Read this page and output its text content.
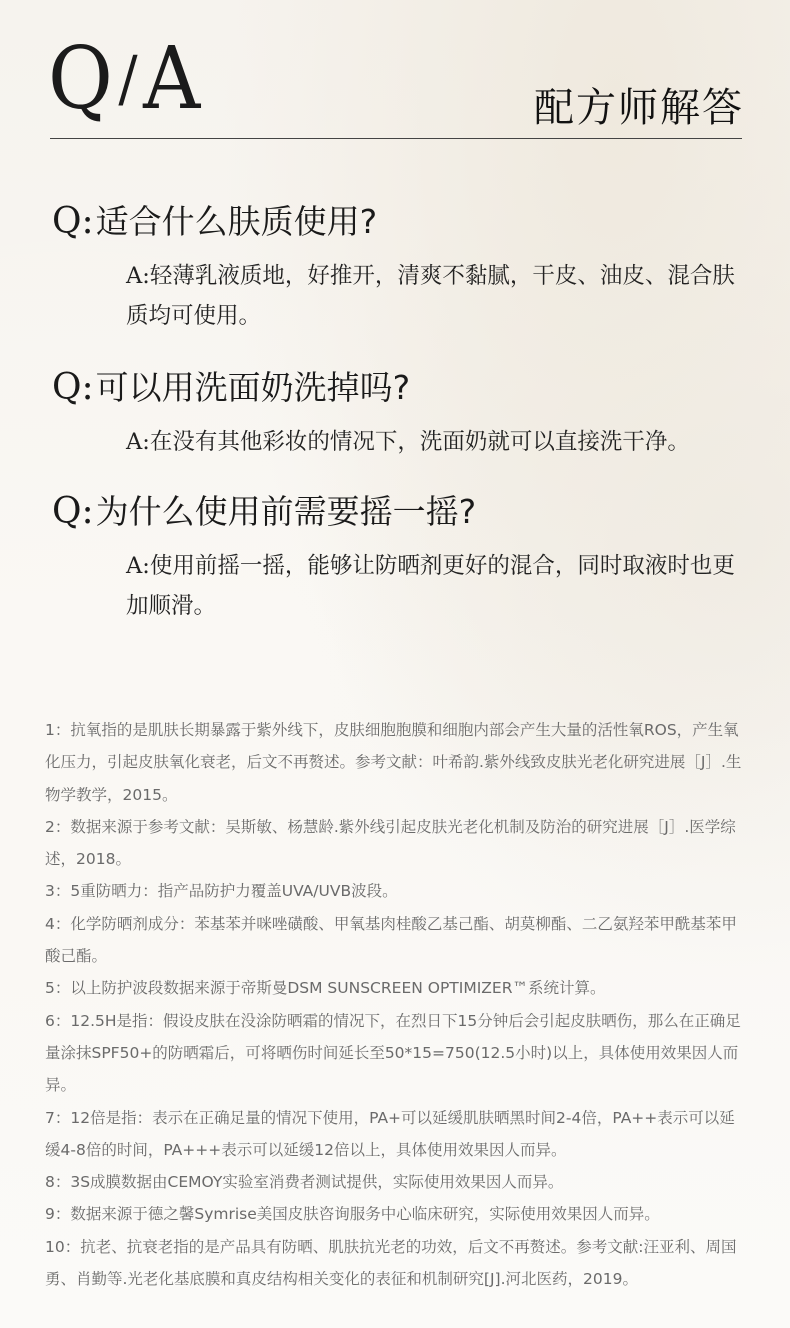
Q/A	配方师解答
Q: 适合什么肤质使用?
A:轻薄乳液质地，好推开，清爽不黏腻，干皮、油皮、混合肤质均可使用。
Q: 可以用洗面奶洗掉吗?
A:在没有其他彩妆的情况下，洗面奶就可以直接洗干净。
Q: 为什么使用前需要摇一摇?
A:使用前摇一摇，能够让防晒剂更好的混合，同时取液时也更加顺滑。

1：抗氧指的是肌肤长期暴露于紫外线下，皮肤细胞胞膜和细胞内部会产生大量的活性氧ROS，产生氧化压力，引起皮肤氧化衰老，后文不再赘述。参考文献：叶希韵.紫外线致皮肤光老化研究进展［J］.生物学教学，2015。

2：数据来源于参考文献：吴斯敏、杨慧龄.紫外线引起皮肤光老化机制及防治的研究进展［J］.医学综述，2018。

3：5重防晒力：指产品防护力覆盖UVA/UVB波段。

4：化学防晒剂成分：苯基苯并咪唑磺酸、甲氧基肉桂酸乙基己酯、胡莫柳酯、二乙氨羟苯甲酰基苯甲酸己酯。

5：以上防护波段数据来源于帝斯曼DSM SUNSCREEN OPTIMIZER™系统计算。

6：12.5H是指：假设皮肤在没涂防晒霜的情况下，在烈日下15分钟后会引起皮肤晒伤，那么在正确足量涂抹SPF50+的防晒霜后，可将晒伤时间延长至50*15=750(12.5小时)以上，具体使用效果因人而异。

7：12倍是指：表示在正确足量的情况下使用，PA+可以延缓肌肤晒黑时间2-4倍，PA++表示可以延缓4-8倍的时间，PA+++表示可以延缓12倍以上，具体使用效果因人而异。

8：3S成膜数据由CEMOY实验室消费者测试提供，实际使用效果因人而异。

9：数据来源于德之馨Symrise美国皮肤咨询服务中心临床研究，实际使用效果因人而异。

10：抗老、抗衰老指的是产品具有防晒、肌肤抗光老的功效，后文不再赘述。参考文献:汪亚利、周国勇、肖勤等.光老化基底膜和真皮结构相关变化的表征和机制研究[J].河北医药，2019。
